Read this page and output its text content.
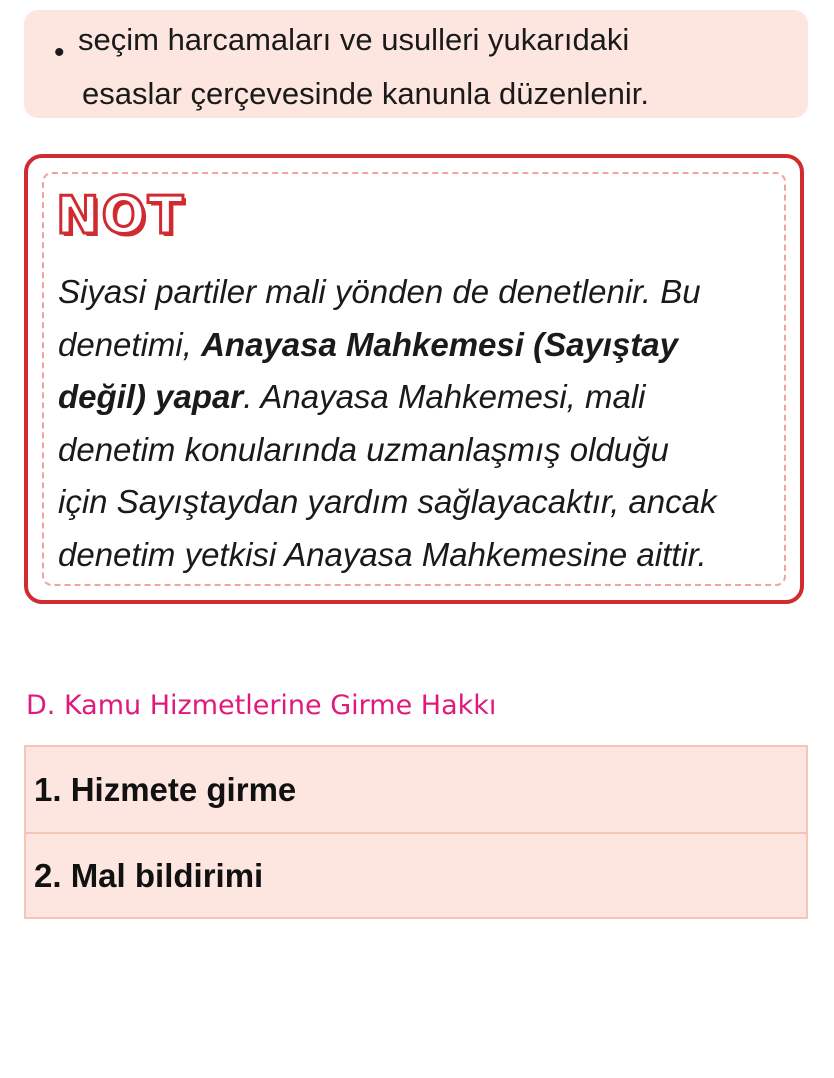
• seçim harcamaları ve usulleri yukarıdaki
esaslar çerçevesinde kanunla düzenlenir.
NOT
Siyasi partiler mali yönden de denetlenir. Bu
denetimi, Anayasa Mahkemesi (Sayıştay
değil) yapar. Anayasa Mahkemesi, mali
denetim konularında uzmanlaşmış olduğu
için Sayıştaydan yardım sağlayacaktır, ancak
denetim yetkisi Anayasa Mahkemesine aittir.
D. Kamu Hizmetlerine Girme Hakkı
1. Hizmete girme
2. Mal bildirimi
